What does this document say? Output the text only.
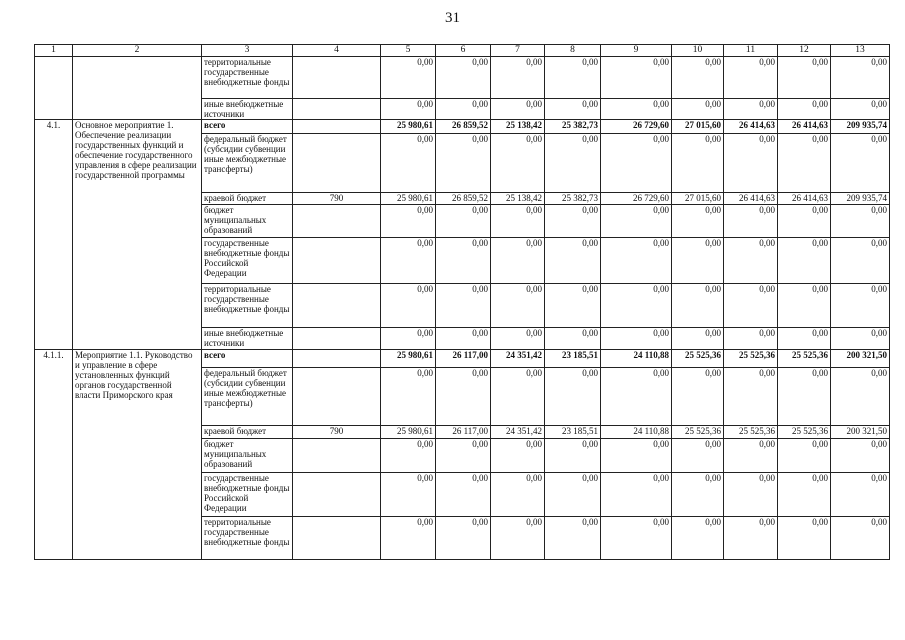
31
1	2	3	4	5	6	7	8	9	10	11	12	13
		территориальные государственные внебюджетные фонды		0,00	0,00	0,00	0,00	0,00	0,00	0,00	0,00	0,00
		иные внебюджетные источники		0,00	0,00	0,00	0,00	0,00	0,00	0,00	0,00	0,00
4.1.	Основное мероприятие 1. Обеспечение реализации государственных функций и обеспечение государственного управления в сфере реализации государственной программы	всего		25 980,61	26 859,52	25 138,42	25 382,73	26 729,60	27 015,60	26 414,63	26 414,63	209 935,74
		федеральный бюджет (субсидии субвенции иные межбюджетные трансферты)		0,00	0,00	0,00	0,00	0,00	0,00	0,00	0,00	0,00
		краевой бюджет	790	25 980,61	26 859,52	25 138,42	25 382,73	26 729,60	27 015,60	26 414,63	26 414,63	209 935,74
		бюджет муниципальных образований		0,00	0,00	0,00	0,00	0,00	0,00	0,00	0,00	0,00
		государственные внебюджетные фонды Российской Федерации		0,00	0,00	0,00	0,00	0,00	0,00	0,00	0,00	0,00
		территориальные государственные внебюджетные фонды		0,00	0,00	0,00	0,00	0,00	0,00	0,00	0,00	0,00
		иные внебюджетные источники		0,00	0,00	0,00	0,00	0,00	0,00	0,00	0,00	0,00
4.1.1.	Мероприятие 1.1. Руководство и управление в сфере установленных функций органов государственной власти Приморского края	всего		25 980,61	26 117,00	24 351,42	23 185,51	24 110,88	25 525,36	25 525,36	25 525,36	200 321,50
		федеральный бюджет (субсидии субвенции иные межбюджетные трансферты)		0,00	0,00	0,00	0,00	0,00	0,00	0,00	0,00	0,00
		краевой бюджет	790	25 980,61	26 117,00	24 351,42	23 185,51	24 110,88	25 525,36	25 525,36	25 525,36	200 321,50
		бюджет муниципальных образований		0,00	0,00	0,00	0,00	0,00	0,00	0,00	0,00	0,00
		государственные внебюджетные фонды Российской Федерации		0,00	0,00	0,00	0,00	0,00	0,00	0,00	0,00	0,00
		территориальные государственные внебюджетные фонды		0,00	0,00	0,00	0,00	0,00	0,00	0,00	0,00	0,00
